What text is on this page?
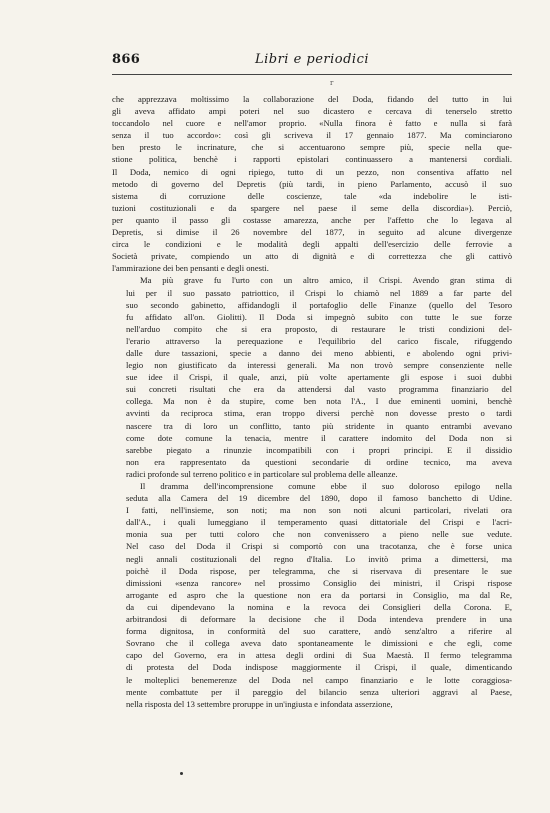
866	Libri e periodici
r

che apprezzava moltissimo la collaborazione del Doda, fidando del tutto in lui
gli aveva affidato ampi poteri nel suo dicastero e cercava di tenerselo stretto
toccandolo nel cuore e nell'amor proprio. «Nulla finora è fatto e nulla si farà
senza il tuo accordo»: così gli scriveva il 17 gennaio 1877. Ma cominciarono
ben presto le incrinature, che si accentuarono sempre più, specie nella que-
stione politica, benchè i rapporti epistolari continuassero a mantenersi cordiali.
Il Doda, nemico di ogni ripiego, tutto di un pezzo, non consentiva affatto nel
metodo di governo del Depretis (più tardi, in pieno Parlamento, accusò il suo
sistema di corruzione delle coscienze, tale «da indebolire le isti-
tuzioni costituzionali e da spargere nel paese il seme della discordia»). Perciò,
per quanto il passo gli costasse amarezza, anche per l'affetto che lo legava al
Depretis, si dimise il 26 novembre del 1877, in seguito ad alcune divergenze
circa le condizioni e le modalità degli appalti dell'esercizio delle ferrovie a
Società private, compiendo un atto di dignità e di correttezza che gli cattivò
l'ammirazione dei ben pensanti e degli onesti.

Ma più grave fu l'urto con un altro amico, il Crispi. Avendo gran stima di
lui per il suo passato patriottico, il Crispi lo chiamò nel 1889 a far parte del
suo secondo gabinetto, affidandogli il portafoglio delle Finanze (quello del Tesoro
fu affidato all'on. Giolitti). Il Doda si impegnò subito con tutte le sue forze
nell'arduo compito che si era proposto, di restaurare le tristi condizioni del-
l'erario attraverso la perequazione e l'equilibrio del carico fiscale, rifuggendo
dalle dure tassazioni, specie a danno dei meno abbienti, e abolendo ogni privi-
legio non giustificato da interessi generali. Ma non trovò sempre consenziente nelle
sue idee il Crispi, il quale, anzi, più volte apertamente gli espose i suoi dubbi
sui concreti risultati che era da attendersi dal vasto programma finanziario del
collega. Ma non è da stupire, come ben nota l'A., I due eminenti uomini, benchè
avvinti da reciproca stima, eran troppo diversi perchè non dovesse presto o tardi
nascere tra di loro un conflitto, tanto più stridente in quanto entrambi avevano
come dote comune la tenacia, mentre il carattere indomito del Doda non si
sarebbe piegato a rinunzie incompatibili con i propri principi. E il dissidio
non era rappresentato da questioni secondarie di ordine tecnico, ma aveva
radici profonde sul terreno politico e in particolare sul problema delle alleanze.

Il dramma dell'incomprensione comune ebbe il suo doloroso epilogo nella
seduta alla Camera del 19 dicembre del 1890, dopo il famoso banchetto di Udine.
I fatti, nell'insieme, son noti; ma non son noti alcuni particolari, rivelati ora
dall'A., i quali lumeggiano il temperamento quasi dittatoriale del Crispi e l'acri-
monia sua per tutti coloro che non convenissero a pieno nelle sue vedute.
Nel caso del Doda il Crispi si comportò con una tracotanza, che è forse unica
negli annali costituzionali del regno d'Italia. Lo invitò prima a dimettersi, ma
poichè il Doda rispose, per telegramma, che si riservava di presentare le sue
dimissioni «senza rancore» nel prossimo Consiglio dei ministri, il Crispi rispose
arrogante ed aspro che la questione non era da portarsi in Consiglio, ma dal Re,
da cui dipendevano la nomina e la revoca dei Consiglieri della Corona. E,
arbitrandosi di deformare la decisione che il Doda intendeva prendere in una
forma dignitosa, in conformità del suo carattere, andò senz'altro a riferire al
Sovrano che il collega aveva dato spontaneamente le dimissioni e che egli, come
capo del Governo, era in attesa degli ordini di Sua Maestà. Il fermo telegramma
di protesta del Doda indispose maggiormente il Crispi, il quale, dimenticando
le molteplici benemerenze del Doda nel campo finanziario e le lotte coraggiosa-
mente combattute per il pareggio del bilancio senza ulteriori aggravi al Paese,
nella risposta del 13 settembre proruppe in un'ingiusta e infondata asserzione,
